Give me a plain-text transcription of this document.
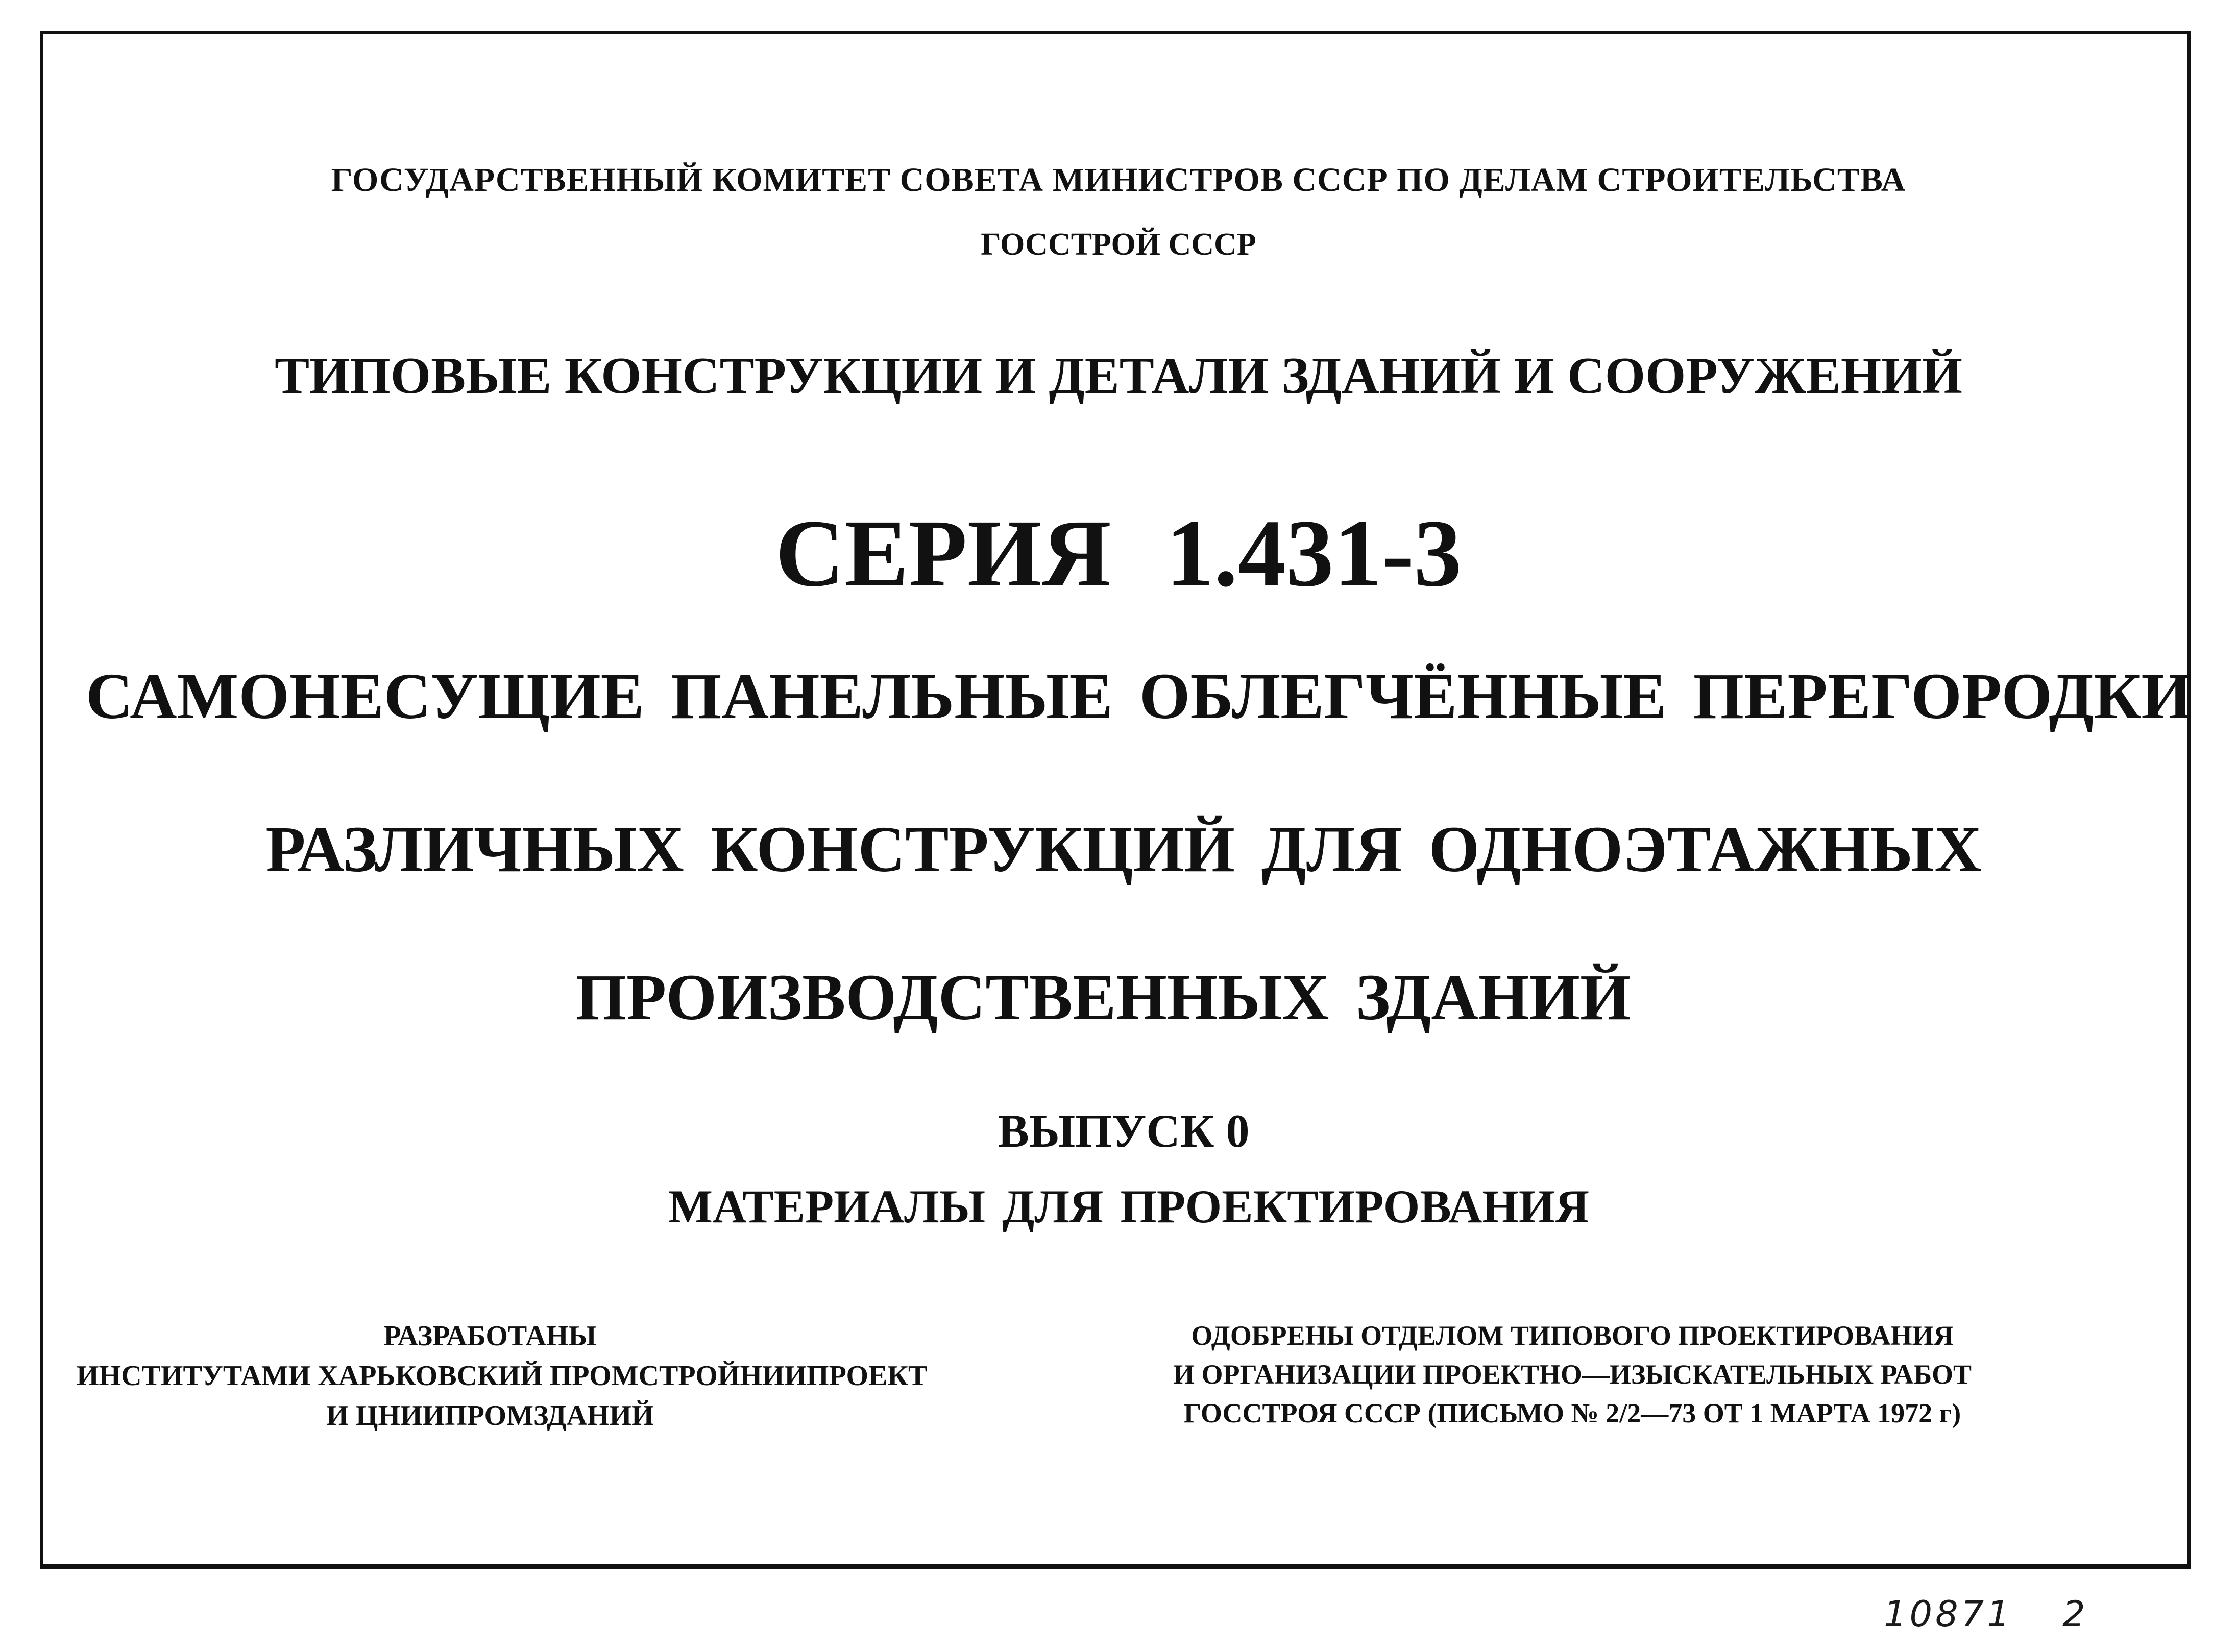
ГОСУДАРСТВЕННЫЙ КОМИТЕТ СОВЕТА МИНИСТРОВ СССР ПО ДЕЛАМ СТРОИТЕЛЬСТВА
ГОССТРОЙ СССР
ТИПОВЫЕ КОНСТРУКЦИИ И ДЕТАЛИ ЗДАНИЙ И СООРУЖЕНИЙ
СЕРИЯ 1.431-3
САМОНЕСУЩИЕ ПАНЕЛЬНЫЕ ОБЛЕГЧЁННЫЕ ПЕРЕГОРОДКИ
РАЗЛИЧНЫХ КОНСТРУКЦИЙ ДЛЯ ОДНОЭТАЖНЫХ
ПРОИЗВОДСТВЕННЫХ ЗДАНИЙ
ВЫПУСК 0
МАТЕРИАЛЫ ДЛЯ ПРОЕКТИРОВАНИЯ
РАЗРАБОТАНЫ
ИНСТИТУТАМИ ХАРЬКОВСКИЙ ПРОМСТРОЙНИИПРОЕКТ
И ЦНИИПРОМЗДАНИЙ
ОДОБРЕНЫ ОТДЕЛОМ ТИПОВОГО ПРОЕКТИРОВАНИЯ
И ОРГАНИЗАЦИИ ПРОЕКТНО—ИЗЫСКАТЕЛЬНЫХ РАБОТ
ГОССТРОЯ СССР (ПИСЬМО № 2/2—73 ОТ 1 МАРТА 1972 г)
10871 2
